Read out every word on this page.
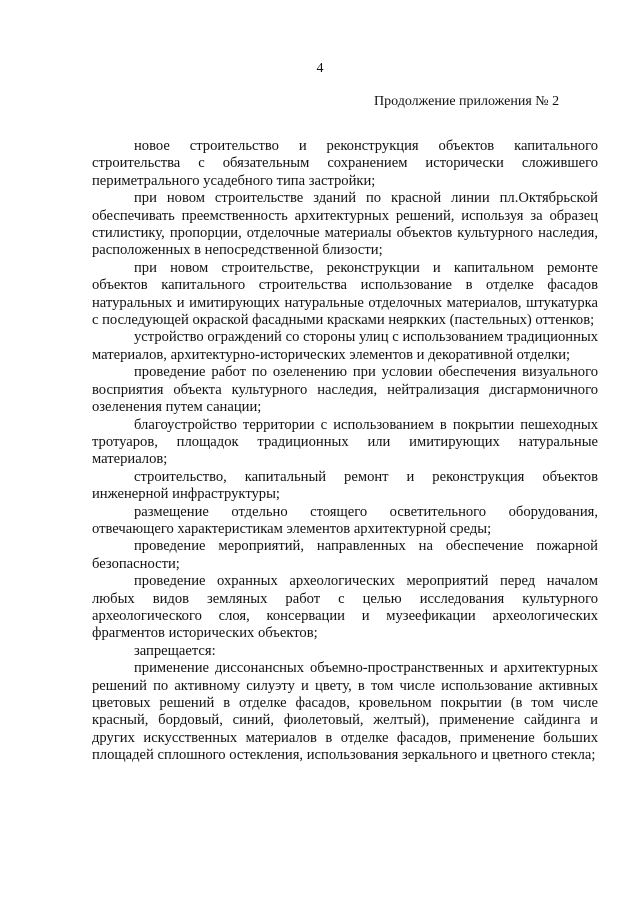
4
Продолжение приложения № 2

новое строительство и реконструкция объектов капитального строительства с обязательным сохранением исторически сложившего периметрального усадебного типа застройки;

при новом строительстве зданий по красной линии пл.Октябрьской обеспечивать преемственность архитектурных решений, используя за образец стилистику, пропорции, отделочные материалы объектов культурного наследия, расположенных в непосредственной близости;

при новом строительстве, реконструкции и капитальном ремонте объектов капитального строительства использование в отделке фасадов натуральных и имитирующих натуральные отделочных материалов, штукатурка с последующей окраской фасадными красками неяркких (пастельных) оттенков;

устройство ограждений со стороны улиц с использованием традиционных материалов, архитектурно-исторических элементов и декоративной отделки;

проведение работ по озеленению при условии обеспечения визуального восприятия объекта культурного наследия, нейтрализация дисгармоничного озеленения путем санации;

благоустройство территории с использованием в покрытии пешеходных тротуаров, площадок традиционных или имитирующих натуральные материалов;

строительство, капитальный ремонт и реконструкция объектов инженерной инфраструктуры;

размещение отдельно стоящего осветительного оборудования, отвечающего характеристикам элементов архитектурной среды;

проведение мероприятий, направленных на обеспечение пожарной безопасности;

проведение охранных археологических мероприятий перед началом любых видов земляных работ с целью исследования культурного археологического слоя, консервации и музеефикации археологических фрагментов исторических объектов;

запрещается:

применение диссонансных объемно-пространственных и архитектурных решений по активному силуэту и цвету, в том числе использование активных цветовых решений в отделке фасадов, кровельном покрытии (в том числе красный, бордовый, синий, фиолетовый, желтый), применение сайдинга и других искусственных материалов в отделке фасадов, применение больших площадей сплошного остекления, использования зеркального и цветного стекла;
